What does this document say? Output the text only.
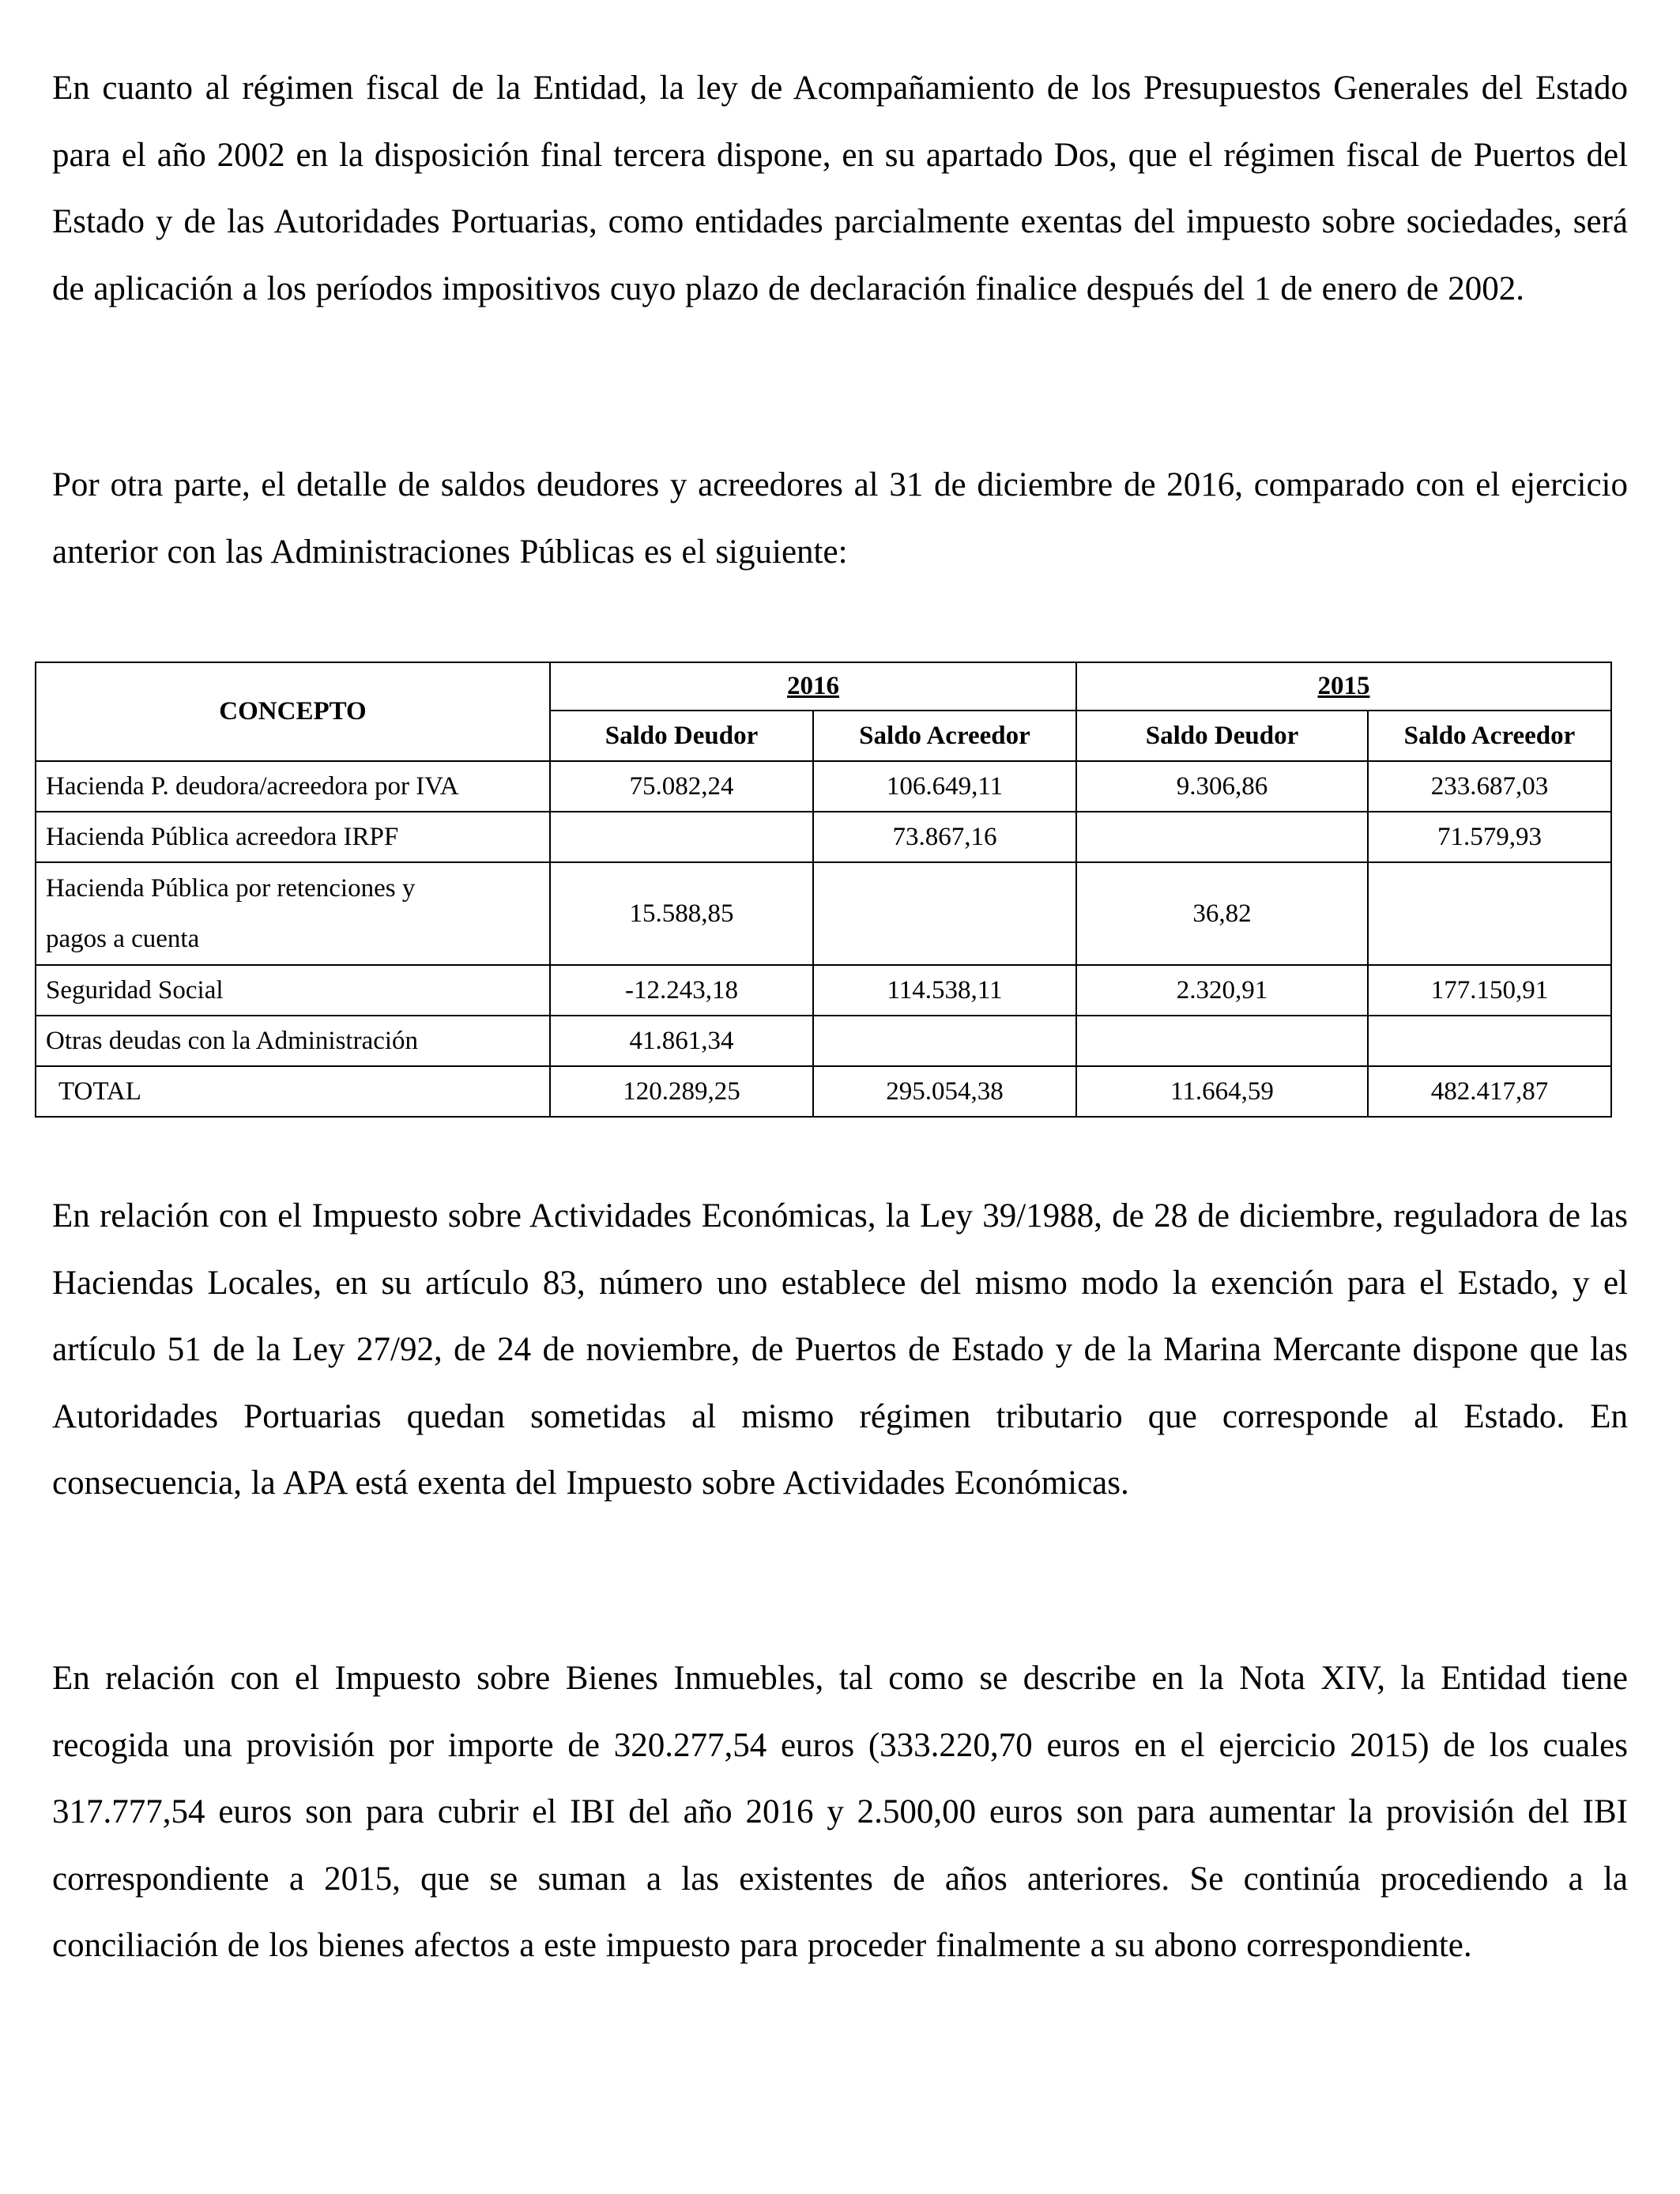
En cuanto al régimen fiscal de la Entidad, la ley de Acompañamiento de los Presupuestos Generales del Estado para el año 2002 en la disposición final tercera dispone, en su apartado Dos, que el régimen fiscal de Puertos del Estado y de las Autoridades Portuarias, como entidades parcialmente exentas del impuesto sobre sociedades, será de aplicación a los períodos impositivos cuyo plazo de declaración finalice después del 1 de enero de 2002.

Por otra parte, el detalle de saldos deudores y acreedores al 31 de diciembre de 2016, comparado con el ejercicio anterior con las Administraciones Públicas es el siguiente:

CONCEPTO	2016		2015	
	Saldo Deudor	Saldo Acreedor	Saldo Deudor	Saldo Acreedor
Hacienda P. deudora/acreedora por IVA	75.082,24	106.649,11	9.306,86	233.687,03
Hacienda Pública acreedora IRPF		73.867,16		71.579,93
Hacienda Pública por retenciones y
pagos a cuenta	15.588,85		36,82	
Seguridad Social	-12.243,18	114.538,11	2.320,91	177.150,91
Otras deudas con la Administración	41.861,34			
TOTAL	120.289,25	295.054,38	11.664,59	482.417,87

En relación con el Impuesto sobre Actividades Económicas, la Ley 39/1988, de 28 de diciembre, reguladora de las Haciendas Locales, en su artículo 83, número uno establece del mismo modo la exención para el Estado, y el artículo 51 de la Ley 27/92, de 24 de noviembre, de Puertos de Estado y de la Marina Mercante dispone que las Autoridades Portuarias quedan sometidas al mismo régimen tributario que corresponde al Estado. En consecuencia, la APA está exenta del Impuesto sobre Actividades Económicas.

En relación con el Impuesto sobre Bienes Inmuebles, tal como se describe en la Nota XIV, la Entidad tiene recogida una provisión por importe de 320.277,54 euros (333.220,70 euros en el ejercicio 2015) de los cuales 317.777,54 euros son para cubrir el IBI del año 2016 y 2.500,00 euros son para aumentar la provisión del IBI correspondiente a 2015, que se suman a las existentes de años anteriores. Se continúa procediendo a la conciliación de los bienes afectos a este impuesto para proceder finalmente a su abono correspondiente.
